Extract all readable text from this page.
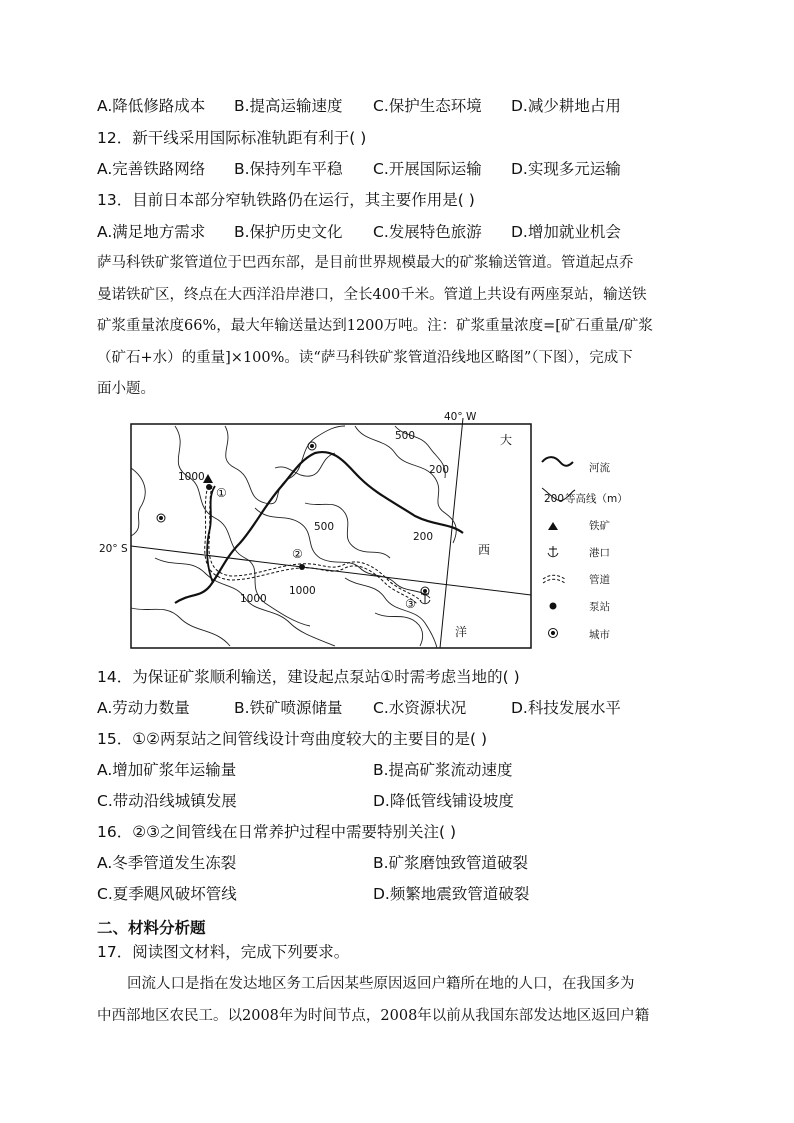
A.降低修路成本 B.提高运输速度 C.保护生态环境 D.减少耕地占用
12．新干线采用国际标准轨距有利于( )
A.完善铁路网络 B.保持列车平稳 C.开展国际运输 D.实现多元运输
13．目前日本部分窄轨铁路仍在运行，其主要作用是( )
A.满足地方需求 B.保护历史文化 C.发展特色旅游 D.增加就业机会
萨马科铁矿浆管道位于巴西东部，是目前世界规模最大的矿浆输送管道。管道起点乔
曼诺铁矿区，终点在大西洋沿岸港口，全长400千米。管道上共设有两座泵站，输送铁
矿浆重量浓度66%，最大年输送量达到1200万吨。注：矿浆重量浓度=[矿石重量/矿浆
（矿石+水）的重量]×100%。读“萨马科铁矿浆管道沿线地区略图”（下图），完成下
面小题。
40° W
20° S
1000
①
②
③
500
200
500
200
1000
1000
大
西
洋
河流
200 等高线（m）
铁矿
港口
管道
泵站
城市
14．为保证矿浆顺利输送，建设起点泵站①时需考虑当地的( )
A.劳动力数量	B.铁矿喷源储量 C.水资源状况	D.科技发展水平
15．①②两泵站之间管线设计弯曲度较大的主要目的是( )
A.增加矿浆年运输量	B.提高矿浆流动速度
C.带动沿线城镇发展	D.降低管线铺设坡度
16．②③之间管线在日常养护过程中需要特别关注( )
A.冬季管道发生冻裂	B.矿浆磨蚀致管道破裂
C.夏季飓风破坏管线	D.频繁地震致管道破裂
二、材料分析题
17．阅读图文材料，完成下列要求。
回流人口是指在发达地区务工后因某些原因返回户籍所在地的人口，在我国多为
中西部地区农民工。以2008年为时间节点，2008年以前从我国东部发达地区返回户籍
